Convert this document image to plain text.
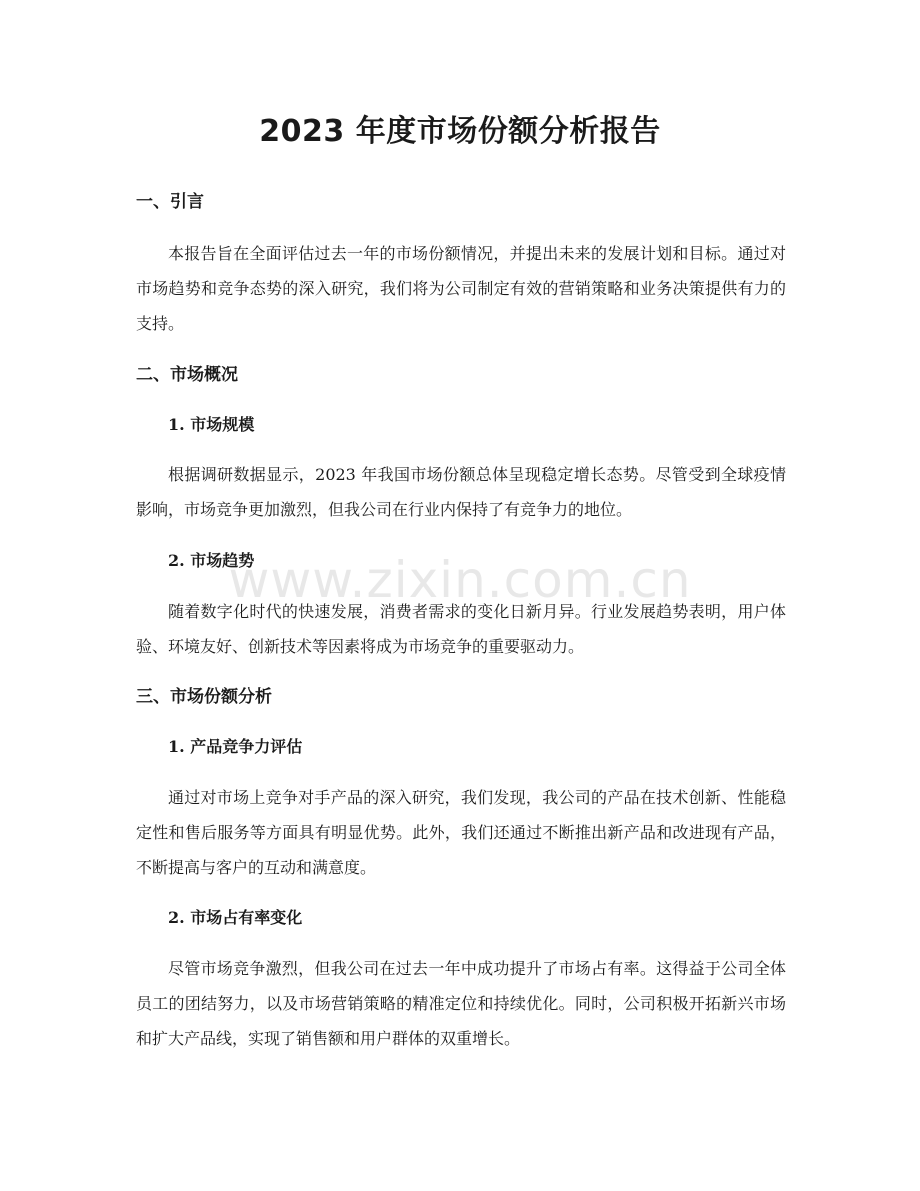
2023 年度市场份额分析报告
一、引言

本报告旨在全面评估过去一年的市场份额情况，并提出未来的发展计划和目标。通过对市场趋势和竞争态势的深入研究，我们将为公司制定有效的营销策略和业务决策提供有力的支持。

二、市场概况
1. 市场规模

根据调研数据显示，2023 年我国市场份额总体呈现稳定增长态势。尽管受到全球疫情影响，市场竞争更加激烈，但我公司在行业内保持了有竞争力的地位。

2. 市场趋势

随着数字化时代的快速发展，消费者需求的变化日新月异。行业发展趋势表明，用户体验、环境友好、创新技术等因素将成为市场竞争的重要驱动力。

三、市场份额分析
1. 产品竞争力评估

通过对市场上竞争对手产品的深入研究，我们发现，我公司的产品在技术创新、性能稳定性和售后服务等方面具有明显优势。此外，我们还通过不断推出新产品和改进现有产品，不断提高与客户的互动和满意度。

2. 市场占有率变化

尽管市场竞争激烈，但我公司在过去一年中成功提升了市场占有率。这得益于公司全体员工的团结努力，以及市场营销策略的精准定位和持续优化。同时，公司积极开拓新兴市场和扩大产品线，实现了销售额和用户群体的双重增长。

www.zixin.com.cn
